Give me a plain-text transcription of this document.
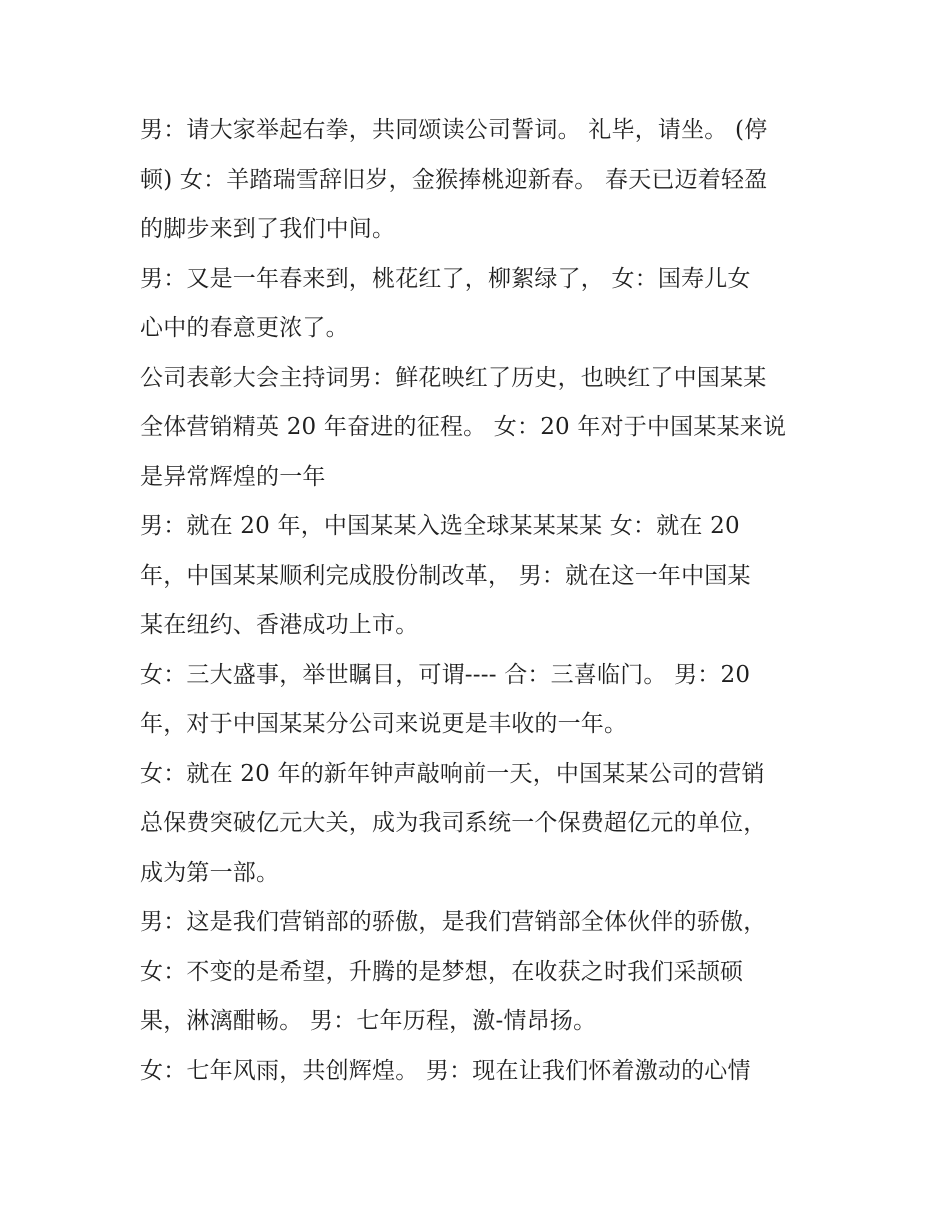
男：请大家举起右拳，共同颂读公司誓词。 礼毕，请坐。 (停
顿) 女：羊踏瑞雪辞旧岁，金猴捧桃迎新春。 春天已迈着轻盈
的脚步来到了我们中间。
男：又是一年春来到，桃花红了，柳絮绿了， 女：国寿儿女
心中的春意更浓了。
公司表彰大会主持词男：鲜花映红了历史，也映红了中国某某
全体营销精英 20 年奋进的征程。 女：20 年对于中国某某来说
是异常辉煌的一年
男：就在 20 年，中国某某入选全球某某某某 女：就在 20
年，中国某某顺利完成股份制改革， 男：就在这一年中国某
某在纽约、香港成功上市。
女：三大盛事，举世瞩目，可谓---- 合：三喜临门。 男：20
年，对于中国某某分公司来说更是丰收的一年。
女：就在 20 年的新年钟声敲响前一天，中国某某公司的营销
总保费突破亿元大关，成为我司系统一个保费超亿元的单位，
成为第一部。
男：这是我们营销部的骄傲，是我们营销部全体伙伴的骄傲，
女：不变的是希望，升腾的是梦想，在收获之时我们采颉硕
果，淋漓酣畅。 男：七年历程，激-情昂扬。
女：七年风雨，共创辉煌。 男：现在让我们怀着激动的心情
